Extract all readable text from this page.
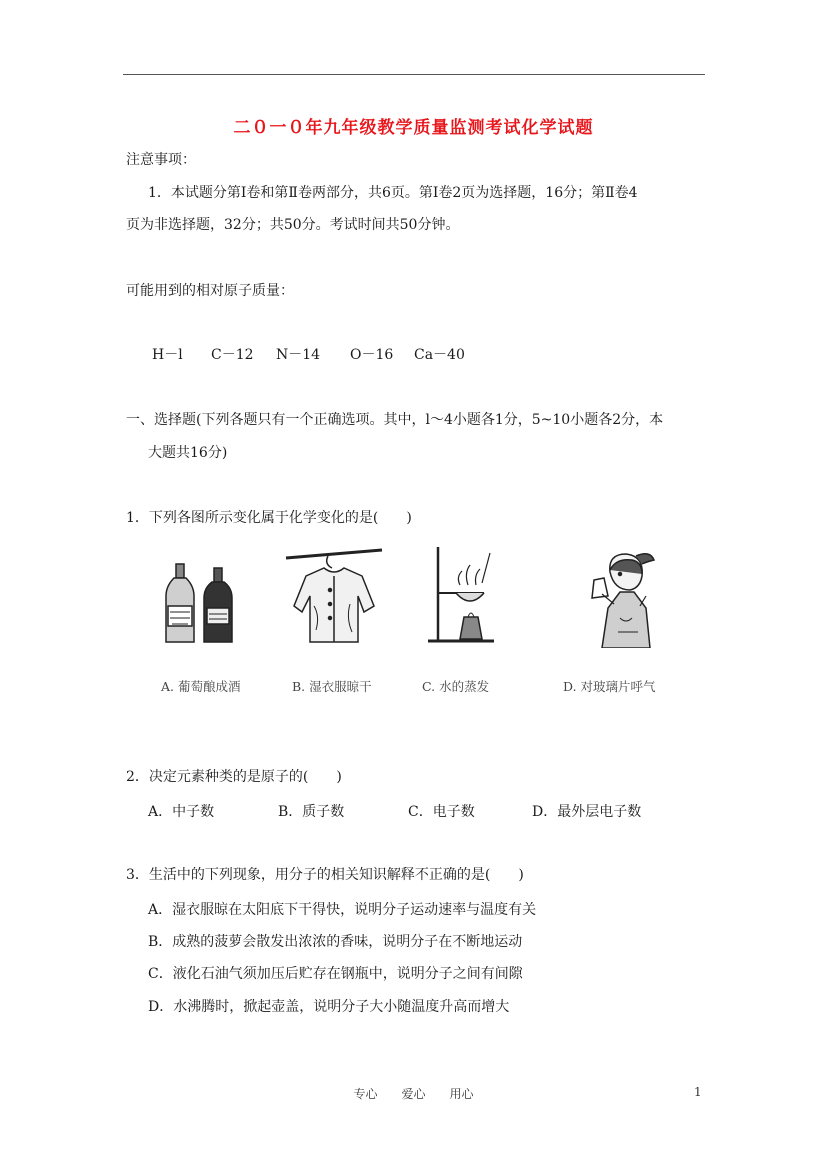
二０一０年九年级教学质量监测考试化学试题
注意事项：
1．本试题分第Ⅰ卷和第Ⅱ卷两部分，共6页。第Ⅰ卷2页为选择题，16分；第Ⅱ卷4
页为非选择题，32分；共50分。考试时间共50分钟。
可能用到的相对原子质量：
H－l C－12 N－14 O－16 Ca－40
一、选择题(下列各题只有一个正确选项。其中，l～4小题各1分，5~10小题各2分，本
大题共16分)
1．下列各图所示变化属于化学变化的是(　　)
A. 葡萄酿成酒	B. 湿衣服晾干	C. 水的蒸发	D. 对玻璃片呼气
2．决定元素种类的是原子的(　　)
A．中子数	B．质子数	C．电子数	D．最外层电子数
3．生活中的下列现象，用分子的相关知识解释不正确的是(　　)
A．湿衣服晾在太阳底下干得快，说明分子运动速率与温度有关
B．成熟的菠萝会散发出浓浓的香味，说明分子在不断地运动
C．液化石油气须加压后贮存在钢瓶中，说明分子之间有间隙
D．水沸腾时，掀起壶盖，说明分子大小随温度升高而增大
专心　　爱心　　用心	1
